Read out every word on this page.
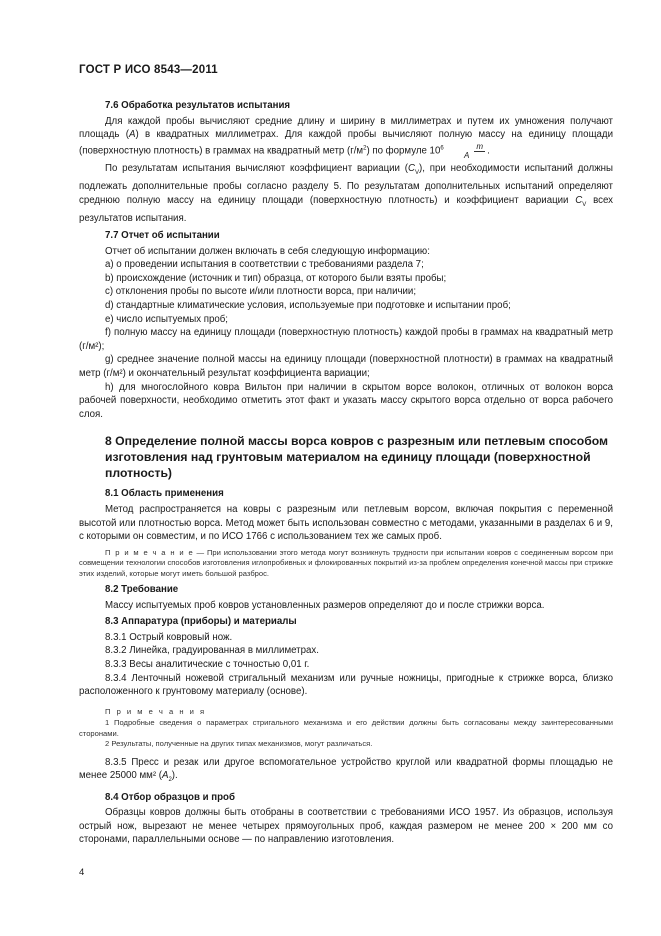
ГОСТ Р ИСО 8543—2011
7.6 Обработка результатов испытания

Для каждой пробы вычисляют средние длину и ширину в миллиметрах и путем их умножения получают площадь (A) в квадратных миллиметрах. Для каждой пробы вычисляют полную массу на единицу площади (поверхностную плотность) в граммах на квадратный метр $(г/м^2)$ по формуле $10^6$	m
A .

По результатам испытания вычисляют коэффициент вариации $(C_V)$, при необходимости испытаний должны подлежать дополнительные пробы согласно разделу 5. По результатам дополнительных испытаний определяют среднюю полную массу на единицу площади (поверхностную плотность) и коэффициент вариации $C_V$ всех результатов испытания.

7.7 Отчет об испытании

Отчет об испытании должен включать в себя следующую информацию:

а) о проведении испытания в соответствии с требованиями раздела 7;

b) происхождение (источник и тип) образца, от которого были взяты пробы;

c) отклонения пробы по высоте и/или плотности ворса, при наличии;

d) стандартные климатические условия, используемые при подготовке и испытании проб;

e) число испытуемых проб;

f) полную массу на единицу площади (поверхностную плотность) каждой пробы в граммах на квадратный метр (г/м²);

g) среднее значение полной массы на единицу площади (поверхностной плотности) в граммах на квадратный метр (г/м²) и окончательный результат коэффициента вариации;

h) для многослойного ковра Вильтон при наличии в скрытом ворсе волокон, отличных от волокон ворса рабочей поверхности, необходимо отметить этот факт и указать массу скрытого ворса отдельно от ворса рабочего слоя.

8 Определение полной массы ворса ковров с разрезным или петлевым способом изготовления над грунтовым материалом на единицу площади (поверхностной плотность)
8.1 Область применения

Метод распространяется на ковры с разрезным или петлевым ворсом, включая покрытия с переменной высотой или плотностью ворса. Метод может быть использован совместно с методами, указанными в разделах 6 и 9, с которыми он совместим, и по ИСО 1766 с использованием тех же самых проб.

П р и м е ч а н и е — При использовании этого метода могут возникнуть трудности при испытании ковров с соединенным ворсом при совмещении технологии способов изготовления иглопробивных и флокированных покрытий из-за проблем определения конечной массы при стрижке этих изделий, которые могут иметь большой разброс.

8.2 Требование

Массу испытуемых проб ковров установленных размеров определяют до и после стрижки ворса.

8.3 Аппаратура (приборы) и материалы

8.3.1 Острый ковровый нож.

8.3.2 Линейка, градуированная в миллиметрах.

8.3.3 Весы аналитические с точностью 0,01 г.

8.3.4 Ленточный ножевой стригальный механизм или ручные ножницы, пригодные к стрижке ворса, близко расположенного к грунтовому материалу (основе).

П р и м е ч а н и я

1 Подробные сведения о параметрах стригального механизма и его действии должны быть согласованы между заинтересованными сторонами.

2 Результаты, полученные на других типах механизмов, могут различаться.

8.3.5 Пресс и резак или другое вспомогательное устройство круглой или квадратной формы площадью не менее 25000 мм² $(A_2)$.

8.4 Отбор образцов и проб

Образцы ковров должны быть отобраны в соответствии с требованиями ИСО 1957. Из образцов, используя острый нож, вырезают не менее четырех прямоугольных проб, каждая размером не менее 200 × 200 мм со сторонами, параллельными основе — по направлению изготовления.

4
